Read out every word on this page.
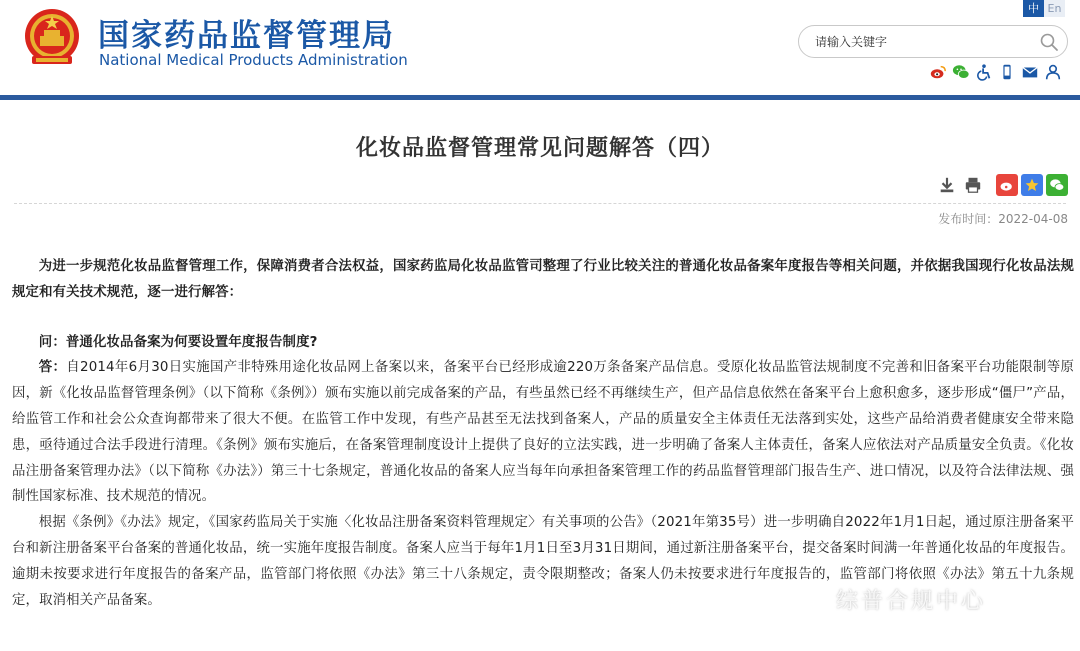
国家药品监督管理局
National Medical Products Administration
中 En
请输入关键字
化妆品监督管理常见问题解答（四）
发布时间：2022-04-08

为进一步规范化妆品监督管理工作，保障消费者合法权益，国家药监局化妆品监管司整理了行业比较关注的普通化妆品备案年度报告等相关问题，并依据我国现行化妆品法规规定和有关技术规范，逐一进行解答：

问：普通化妆品备案为何要设置年度报告制度?

答：自2014年6月30日实施国产非特殊用途化妆品网上备案以来，备案平台已经形成逾220万条备案产品信息。受原化妆品监管法规制度不完善和旧备案平台功能限制等原因，新《化妆品监督管理条例》（以下简称《条例》）颁布实施以前完成备案的产品，有些虽然已经不再继续生产，但产品信息依然在备案平台上愈积愈多，逐步形成“僵尸”产品，给监管工作和社会公众查询都带来了很大不便。在监管工作中发现，有些产品甚至无法找到备案人，产品的质量安全主体责任无法落到实处，这些产品给消费者健康安全带来隐患，亟待通过合法手段进行清理。《条例》颁布实施后，在备案管理制度设计上提供了良好的立法实践，进一步明确了备案人主体责任，备案人应依法对产品质量安全负责。《化妆品注册备案管理办法》（以下简称《办法》）第三十七条规定，普通化妆品的备案人应当每年向承担备案管理工作的药品监督管理部门报告生产、进口情况，以及符合法律法规、强制性国家标准、技术规范的情况。

根据《条例》《办法》规定，《国家药监局关于实施〈化妆品注册备案资料管理规定〉有关事项的公告》（2021年第35号）进一步明确自2022年1月1日起，通过原注册备案平台和新注册备案平台备案的普通化妆品，统一实施年度报告制度。备案人应当于每年1月1日至3月31日期间，通过新注册备案平台，提交备案时间满一年普通化妆品的年度报告。逾期未按要求进行年度报告的备案产品，监管部门将依照《办法》第三十八条规定，责令限期整改；备案人仍未按要求进行年度报告的，监管部门将依照《办法》第五十九条规定，取消相关产品备案。	综普合规中心
